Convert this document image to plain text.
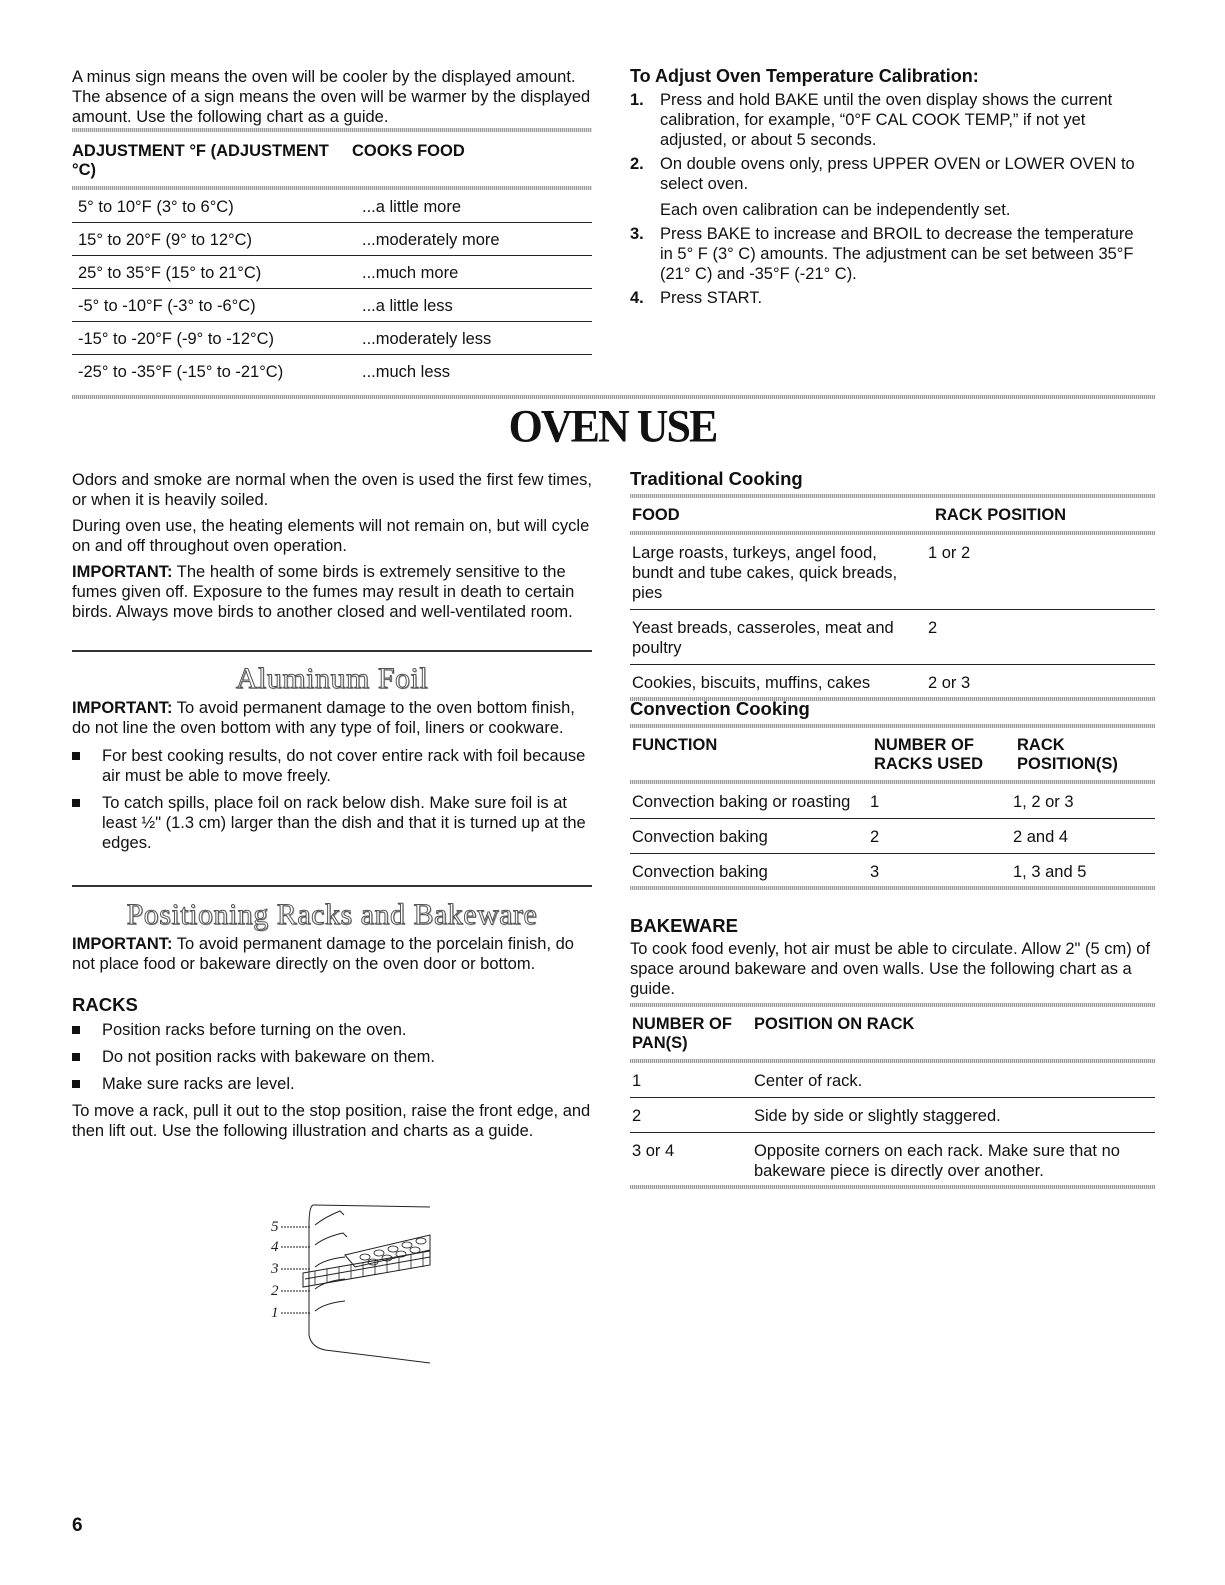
A minus sign means the oven will be cooler by the displayed amount. The absence of a sign means the oven will be warmer by the displayed amount. Use the following chart as a guide.

ADJUSTMENT °F (ADJUSTMENT °C)	COOKS FOOD
5° to 10°F (3° to 6°C)	...a little more
15° to 20°F (9° to 12°C)	...moderately more
25° to 35°F (15° to 21°C)	...much more
-5° to -10°F (-3° to -6°C)	...a little less
-15° to -20°F (-9° to -12°C)	...moderately less
-25° to -35°F (-15° to -21°C)	...much less
To Adjust Oven Temperature Calibration:
1. Press and hold BAKE until the oven display shows the current calibration, for example, “0°F CAL COOK TEMP,” if not yet adjusted, or about 5 seconds.
2. On double ovens only, press UPPER OVEN or LOWER OVEN to select oven.
Each oven calibration can be independently set.
3. Press BAKE to increase and BROIL to decrease the temperature in 5° F (3° C) amounts. The adjustment can be set between 35°F (21° C) and -35°F (-21° C).
4. Press START.
OVEN USE

Odors and smoke are normal when the oven is used the first few times, or when it is heavily soiled.

During oven use, the heating elements will not remain on, but will cycle on and off throughout oven operation.

IMPORTANT: The health of some birds is extremely sensitive to the fumes given off. Exposure to the fumes may result in death to certain birds. Always move birds to another closed and well-ventilated room.

Aluminum Foil

IMPORTANT: To avoid permanent damage to the oven bottom finish, do not line the oven bottom with any type of foil, liners or cookware.

For best cooking results, do not cover entire rack with foil because air must be able to move freely.
To catch spills, place foil on rack below dish. Make sure foil is at least ½" (1.3 cm) larger than the dish and that it is turned up at the edges.
Positioning Racks and Bakeware

IMPORTANT: To avoid permanent damage to the porcelain finish, do not place food or bakeware directly on the oven door or bottom.

RACKS
Position racks before turning on the oven.
Do not position racks with bakeware on them.
Make sure racks are level.

To move a rack, pull it out to the stop position, raise the front edge, and then lift out. Use the following illustration and charts as a guide.

5
4
3
2
1
Traditional Cooking
FOOD	RACK POSITION
Large roasts, turkeys, angel food, bundt and tube cakes, quick breads, pies	1 or 2
Yeast breads, casseroles, meat and poultry	2
Cookies, biscuits, muffins, cakes	2 or 3
Convection Cooking
FUNCTION	NUMBER OF RACKS USED	RACK POSITION(S)
Convection baking or roasting	1	1, 2 or 3
Convection baking	2	2 and 4
Convection baking	3	1, 3 and 5
BAKEWARE

To cook food evenly, hot air must be able to circulate. Allow 2" (5 cm) of space around bakeware and oven walls. Use the following chart as a guide.

NUMBER OF PAN(S)	POSITION ON RACK
1	Center of rack.
2	Side by side or slightly staggered.
3 or 4	Opposite corners on each rack. Make sure that no bakeware piece is directly over another.
6
